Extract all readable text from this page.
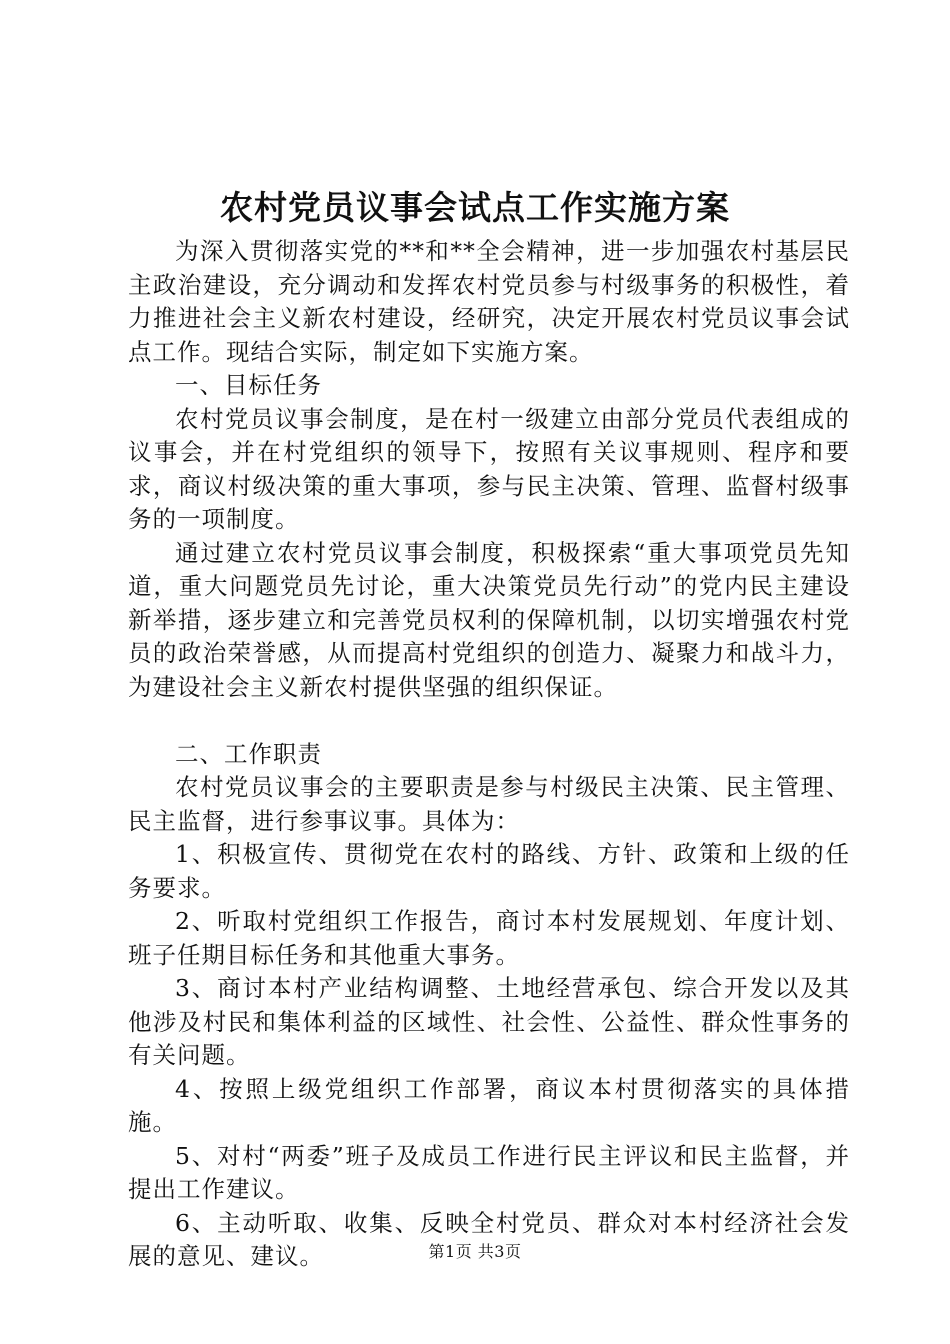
农村党员议事会试点工作实施方案

为深入贯彻落实党的**和**全会精神，进一步加强农村基层民主政治建设，充分调动和发挥农村党员参与村级事务的积极性，着力推进社会主义新农村建设，经研究，决定开展农村党员议事会试点工作。现结合实际，制定如下实施方案。

一、目标任务

农村党员议事会制度，是在村一级建立由部分党员代表组成的议事会，并在村党组织的领导下，按照有关议事规则、程序和要求，商议村级决策的重大事项，参与民主决策、管理、监督村级事务的一项制度。

通过建立农村党员议事会制度，积极探索“重大事项党员先知道，重大问题党员先讨论，重大决策党员先行动”的党内民主建设新举措，逐步建立和完善党员权利的保障机制，以切实增强农村党员的政治荣誉感，从而提高村党组织的创造力、凝聚力和战斗力，为建设社会主义新农村提供坚强的组织保证。

二、工作职责

农村党员议事会的主要职责是参与村级民主决策、民主管理、民主监督，进行参事议事。具体为：

1、积极宣传、贯彻党在农村的路线、方针、政策和上级的任务要求。

2、听取村党组织工作报告，商讨本村发展规划、年度计划、班子任期目标任务和其他重大事务。

3、商讨本村产业结构调整、土地经营承包、综合开发以及其他涉及村民和集体利益的区域性、社会性、公益性、群众性事务的有关问题。

4、按照上级党组织工作部署，商议本村贯彻落实的具体措施。

5、对村“两委”班子及成员工作进行民主评议和民主监督，并提出工作建议。

6、主动听取、收集、反映全村党员、群众对本村经济社会发展的意见、建议。	第1页 共3页
